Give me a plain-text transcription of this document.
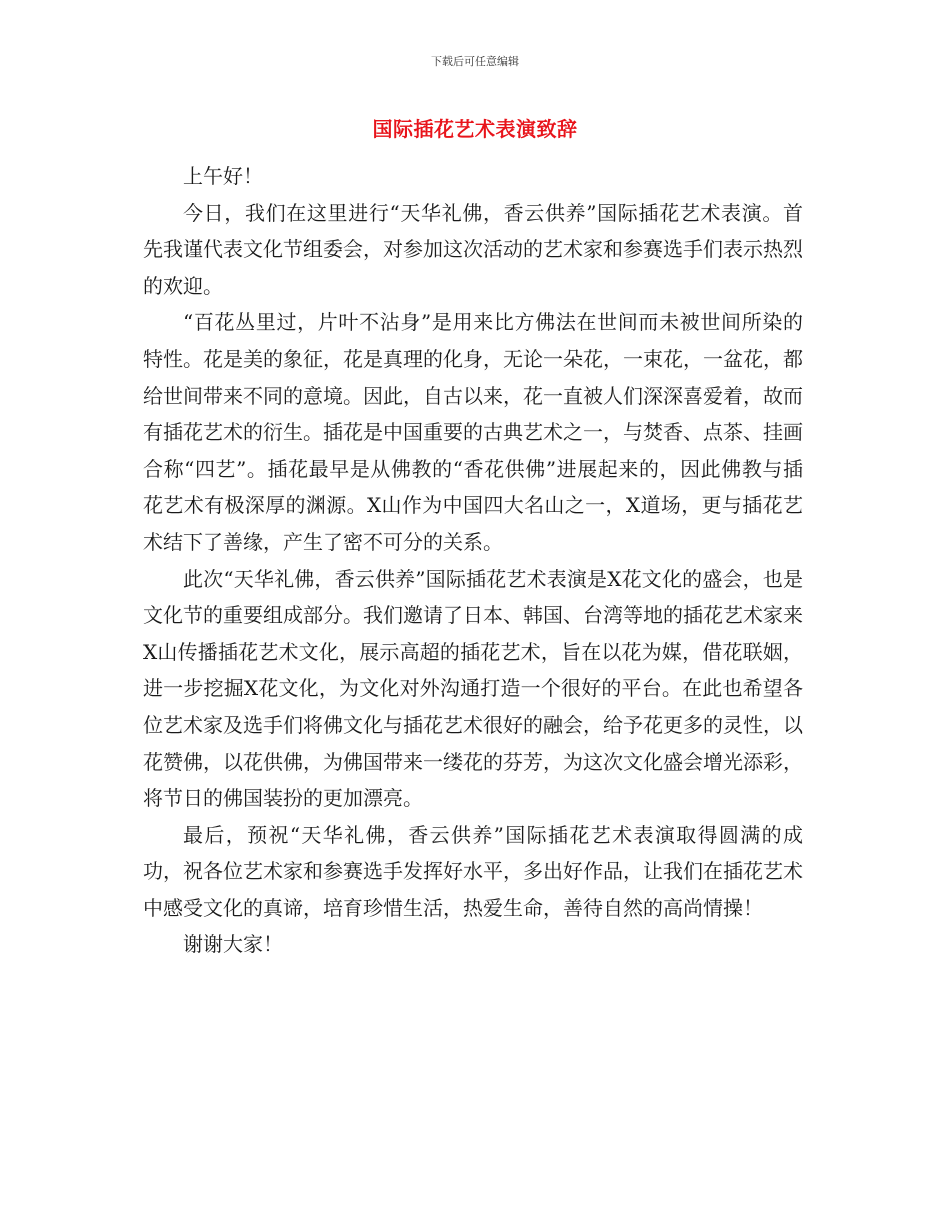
下载后可任意编辑
国际插花艺术表演致辞

上午好！

今日，我们在这里进行“天华礼佛，香云供养”国际插花艺术表演。首先我谨代表文化节组委会，对参加这次活动的艺术家和参赛选手们表示热烈的欢迎。

“百花丛里过，片叶不沾身”是用来比方佛法在世间而未被世间所染的特性。花是美的象征，花是真理的化身，无论一朵花，一束花，一盆花，都给世间带来不同的意境。因此，自古以来，花一直被人们深深喜爱着，故而有插花艺术的衍生。插花是中国重要的古典艺术之一，与焚香、点茶、挂画合称“四艺”。插花最早是从佛教的“香花供佛”进展起来的，因此佛教与插花艺术有极深厚的渊源。X山作为中国四大名山之一，X道场，更与插花艺术结下了善缘，产生了密不可分的关系。

此次“天华礼佛，香云供养”国际插花艺术表演是X花文化的盛会，也是文化节的重要组成部分。我们邀请了日本、韩国、台湾等地的插花艺术家来X山传播插花艺术文化，展示高超的插花艺术，旨在以花为媒，借花联姻，进一步挖掘X花文化，为文化对外沟通打造一个很好的平台。在此也希望各位艺术家及选手们将佛文化与插花艺术很好的融会，给予花更多的灵性，以花赞佛，以花供佛，为佛国带来一缕花的芬芳，为这次文化盛会增光添彩，将节日的佛国装扮的更加漂亮。

最后，预祝“天华礼佛，香云供养”国际插花艺术表演取得圆满的成功，祝各位艺术家和参赛选手发挥好水平，多出好作品，让我们在插花艺术中感受文化的真谛，培育珍惜生活，热爱生命，善待自然的高尚情操！

谢谢大家！
